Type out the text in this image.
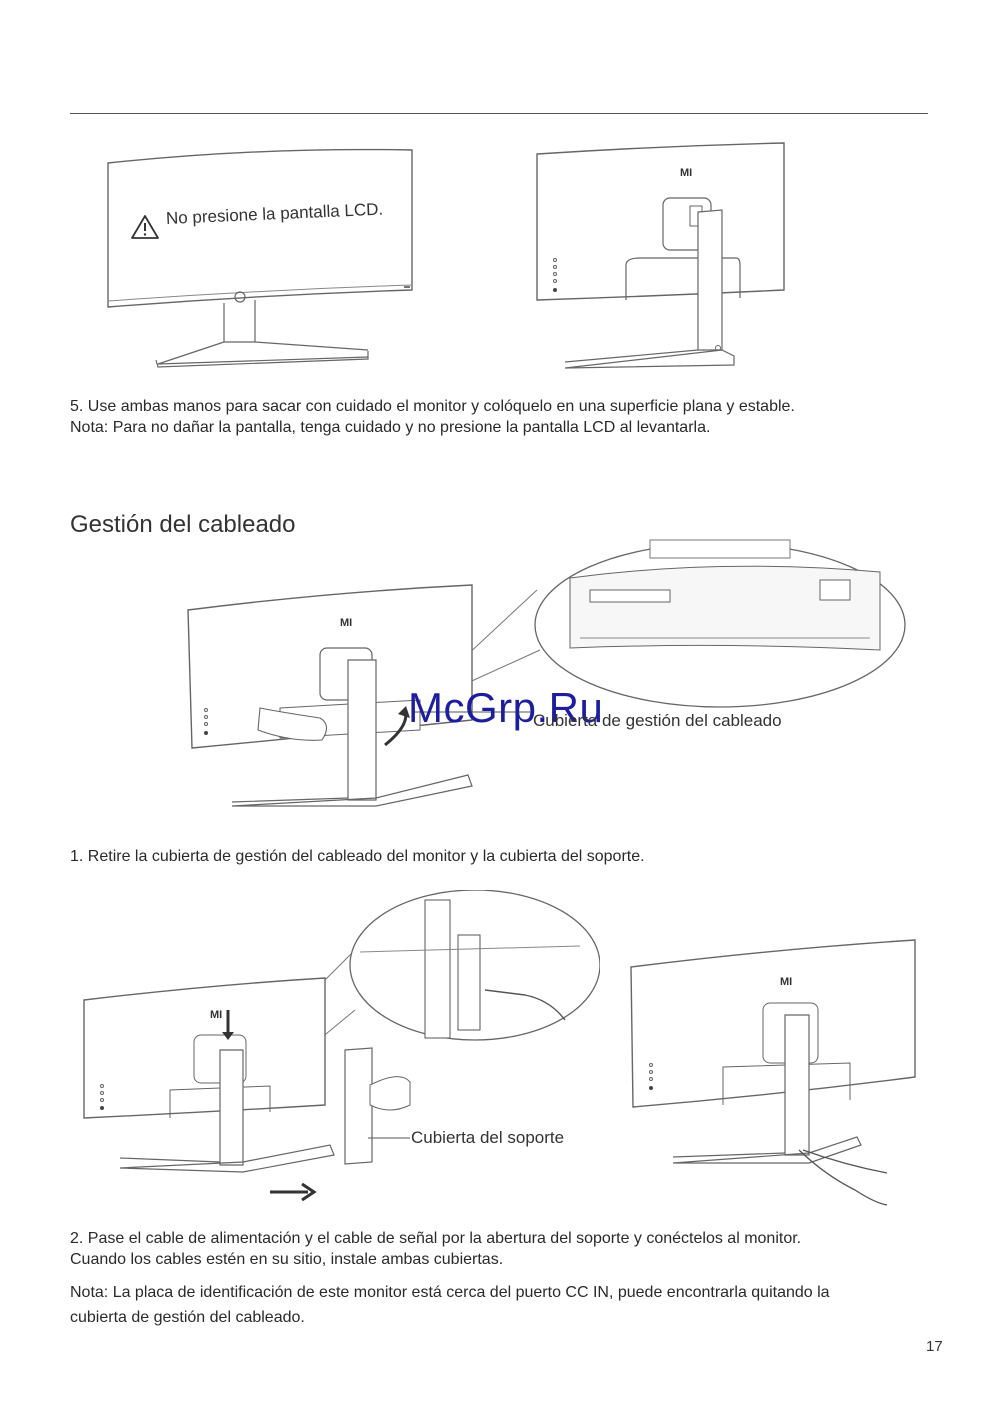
No presione la pantalla LCD.
MI

5. Use ambas manos para sacar con cuidado el monitor y colóquelo en una superficie plana y estable.

Nota: Para no dañar la pantalla, tenga cuidado y no presione la pantalla LCD al levantarla.

Gestión del cableado
MI
McGrp.Ru
Cubierta de gestión del cableado
1. Retire la cubierta de gestión del cableado del monitor y la cubierta del soporte.
MI
Cubierta del soporte
MI

2. Pase el cable de alimentación y el cable de señal por la abertura del soporte y conéctelos al monitor.

Cuando los cables estén en su sitio, instale ambas cubiertas.

Nota: La placa de identificación de este monitor está cerca del puerto CC IN, puede encontrarla quitando la

cubierta de gestión del cableado.

17
